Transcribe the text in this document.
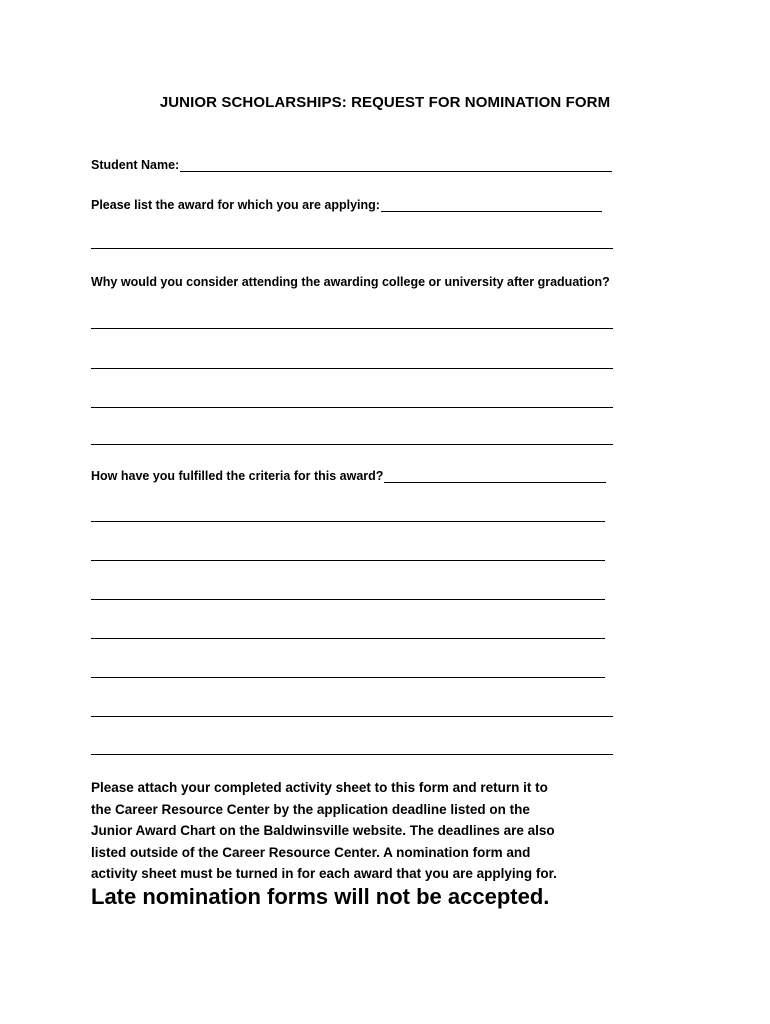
JUNIOR SCHOLARSHIPS: REQUEST FOR NOMINATION FORM
Student Name:
Please list the award for which you are applying:
Why would you consider attending the awarding college or university after graduation?
How have you fulfilled the criteria for this award?
Please attach your completed activity sheet to this form and return it to
the Career Resource Center by the application deadline listed on the
Junior Award Chart on the Baldwinsville website. The deadlines are also
listed outside of the Career Resource Center. A nomination form and
activity sheet must be turned in for each award that you are applying for.
Late nomination forms will not be accepted.
